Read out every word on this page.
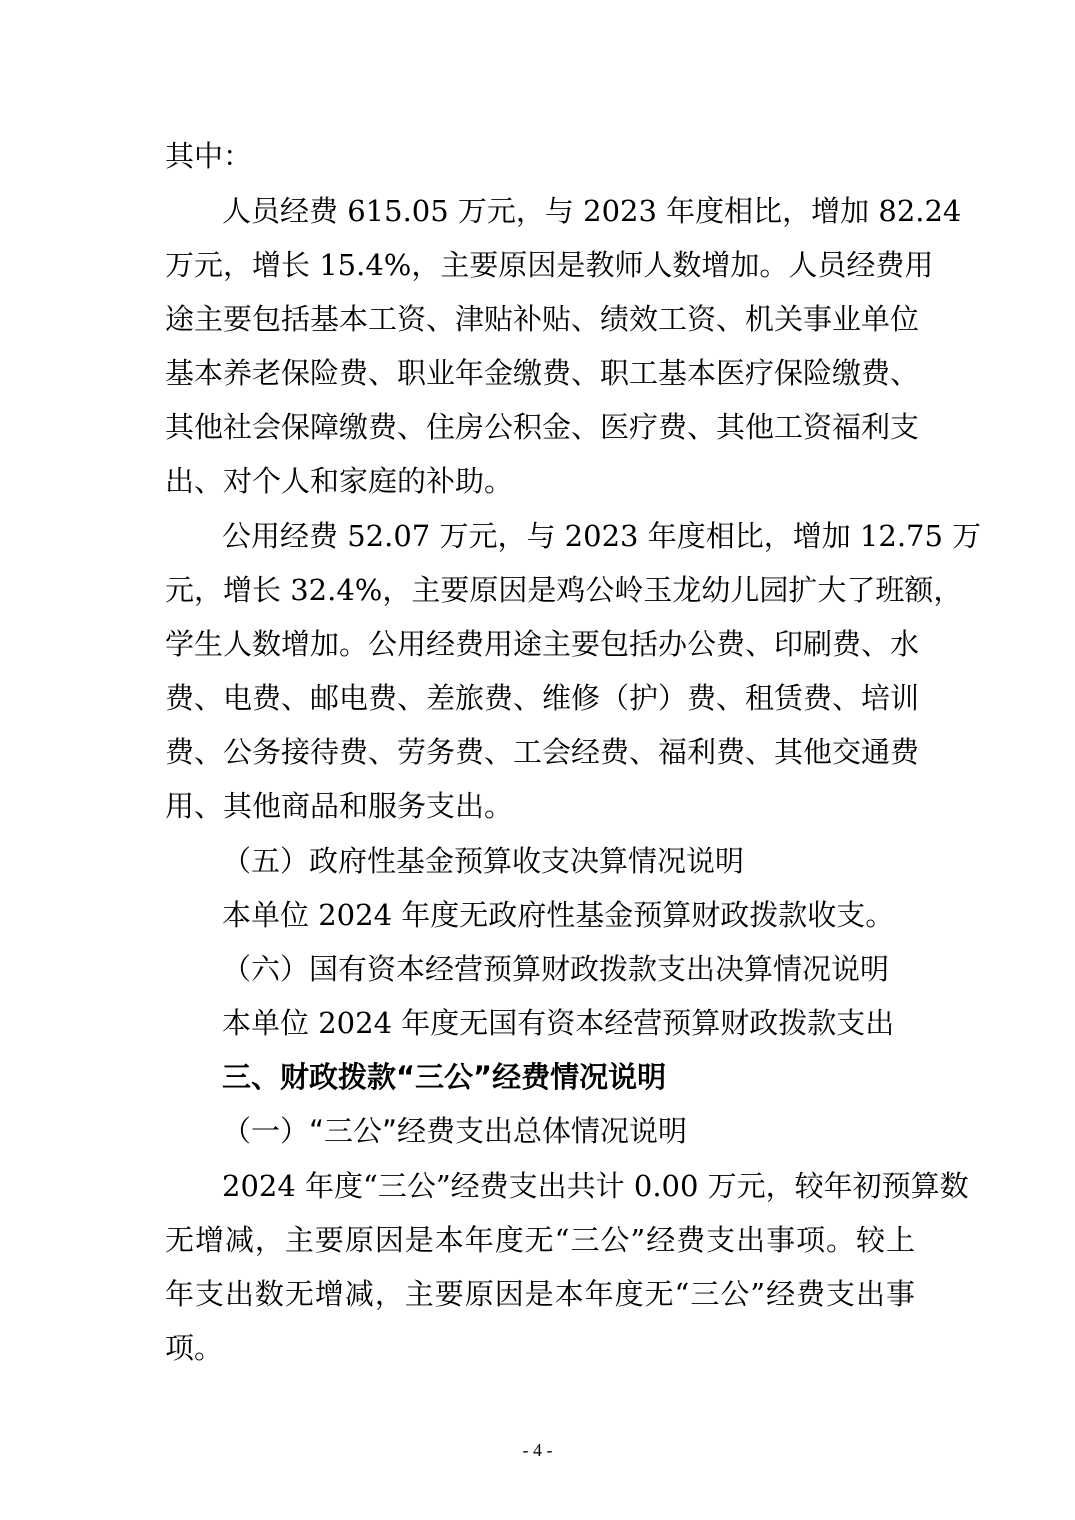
其中：
人员经费 615.05 万元，与 2023 年度相比，增加 82.24
万元，增长 15.4%，主要原因是教师人数增加。人员经费用
途主要包括基本工资、津贴补贴、绩效工资、机关事业单位
基本养老保险费、职业年金缴费、职工基本医疗保险缴费、
其他社会保障缴费、住房公积金、医疗费、其他工资福利支
出、对个人和家庭的补助。
公用经费 52.07 万元，与 2023 年度相比，增加 12.75 万
元，增长 32.4%，主要原因是鸡公岭玉龙幼儿园扩大了班额，
学生人数增加。公用经费用途主要包括办公费、印刷费、水
费、电费、邮电费、差旅费、维修（护）费、租赁费、培训
费、公务接待费、劳务费、工会经费、福利费、其他交通费
用、其他商品和服务支出。
（五）政府性基金预算收支决算情况说明
本单位 2024 年度无政府性基金预算财政拨款收支。
（六）国有资本经营预算财政拨款支出决算情况说明
本单位 2024 年度无国有资本经营预算财政拨款支出
三、财政拨款“三公”经费情况说明
（一）“三公”经费支出总体情况说明
2024 年度“三公”经费支出共计 0.00 万元，较年初预算数
无增减，主要原因是本年度无“三公”经费支出事项。较上
年支出数无增减，主要原因是本年度无“三公”经费支出事
项。
- 4 -
